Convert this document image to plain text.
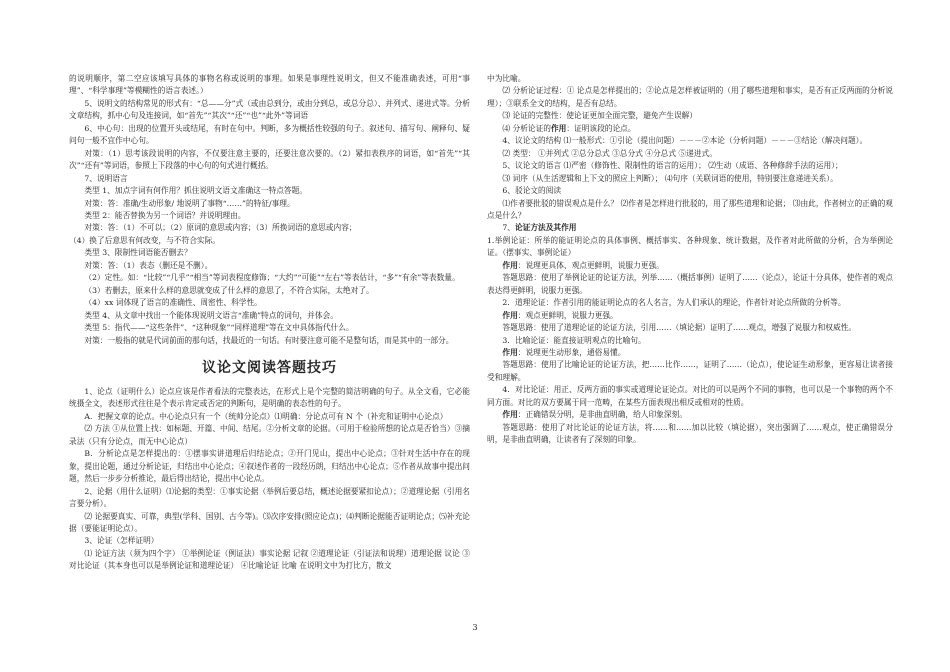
的说明顺序，第二空应该填写具体的事物名称或说明的事理。如果是事理性说明文，但又不能准确表述，可用“事理”、“科学事理”等模糊性的语言表述。）

5、说明文的结构常见的形式有：“总——分”式（或由总到分，或由分到总，或总分总）、并列式、递进式等。分析文章结构，抓中心句及连接词，如“首先”“其次”“还”“也”“此外”等词语

6、中心句：出现的位置开头或结尾，有时在句中。判断，多为概括性较强的句子。叙述句、描写句、阐释句、疑问句一般不宜作中心句。

对策：（1）思考该段说明的内容，不仅要注意主要的，还要注意次要的。（2）紧扣表秩序的词语，如“首先”“其次”“还有”等词语，参照上下段落的中心句的句式进行概括。

7、说明语言

类型 1、加点字词有何作用？抓住说明文语文准确这一特点答题。

对策：答：准确/生动形象/ 地说明了事物“……”的特征/事理。

类型 2：能否替换为另一个词语？并说明理由。

对策：答：（1）不可以；（2）原词的意思或内容；（3）所换词语的意思或内容；

（4）换了后意思有何改变，与不符合实际。

类型 3、限制性词语能否删去？

对策：答：（1）表态（删还是不删）。

（2）定性。如：“比较”“几乎”“相当”等词表程度修饰；“大约”“可能”“左右”等表估计，“多”“有余”等表数量。

（3）若删去，原来什么样的意思就变成了什么样的意思了，不符合实际，太绝对了。

（4）xx 词体现了语言的准确性、周密性、科学性。

类型 4、从文章中找出一个能体现说明文语言“准确”特点的词句，并体会。

类型 5：指代——“这些条件”、“这种现象”“同样道理”等在文中具体指代什么。

对策：一般指的就是代词前面的那句话，找最近的一句话。有时要注意可能不是整句话，而是其中的一部分。

议论文阅读答题技巧

1、论点（证明什么）论点应该是作者看法的完整表达，在形式上是个完整的简洁明确的句子。从全文看，它必能统摄全文，表述形式往往是个表示肯定或否定的判断句，是明确的表态性的句子。

A．把握文章的论点。中心论点只有一个（统帅分论点）⑴明确：分论点可有 N 个（补充和证明中心论点）

⑵ 方法 ①从位置上找：如标题、开篇、中间、结尾。②分析文章的论据。（可用于检验所想的论点是否恰当）③摘录法（只有分论点，而无中心论点）

B．分析论点是怎样提出的：①摆事实讲道理后归结论点；②开门见山，提出中心论点；③针对生活中存在的现象，提出论题，通过分析论证，归结出中心论点；④叙述作者的一段经历朗，归结出中心论点；⑤作者从故事中提出问题，然后一步步分析推论，最后得出结论，提出中心论点。

2、论据（用什么证明）⑴论据的类型：①事实论据（举例后要总结，概述论据要紧扣论点）；②道理论据（引用名言要分析）。

⑵ 论据要真实、可靠，典型(学科、国别、古今等)。⑶次序安排(照应论点)；⑷判断论据能否证明论点；⑸补充论据（要能证明论点）。

3、论证（怎样证明）

⑴ 论证方法（须为四个字） ①举例论证（例证法）事实论据 记叙 ②道理论证（引证法和说理）道理论据 议论 ③对比论证（其本身也可以是举例论证和道理论证） ④比喻论证 比喻 在说明文中为打比方，散文

中为比喻。

⑵ 分析论证过程：① 论点是怎样提出的；②论点是怎样被证明的（用了哪些道理和事实，是否有正反两面的分析说理）；③联系全文的结构，是否有总结。

⑶ 论证的完整性：使论证更加全面完整，避免产生误解）

⑷ 分析论证的作用：证明该段的论点。

4、议论文的结构 ⑴一般形式：①引论（提出问题）－－－②本论（分析问题）－－－③结论（解决问题）。

⑵ 类型： ①并列式 ②总分总式 ③总分式 ④分总式 ⑤递进式。

5、议论文的语言 ⑴严密（修饰性、限制性的语言的运用）； ⑵生动（成语、各种修辞手法的运用）；

⑶ 词序（从生活逻辑和上下文的照应上判断）； ⑷句序（关联词语的使用，特别要注意递进关系）。

6、驳论文的阅读

⑴作者要批驳的错误观点是什么？ ⑵作者是怎样进行批驳的，用了那些道理和论据； ⑶由此，作者树立的正确的观点是什么？

7、论证方法及其作用

1.举例论证：所举的能证明论点的具体事例、概括事实、各种现象、统计数据，及作者对此所做的分析，合为举例论证。（摆事实、事例论证）

作用：说理更具体、观点更鲜明，说服力更强。

答题思路：使用了举例论证的论证方法，列举……（概括事例）证明了……（论点），论证十分具体，使作者的观点表达得更鲜明，说服力更强。

2．道理论证：作者引用的能证明论点的名人名言，为人们承认的理论，作者针对论点所做的分析等。

作用：观点更鲜明，说服力更强。

答题思路：使用了道理论证的论证方法，引用……（填论据）证明了……观点，增强了说服力和权威性。

3．比喻论证：能直接证明观点的比喻句。

作用：说理更生动形象，通俗易懂。

答题思路：使用了比喻论证的论证方法，把……比作……，证明了……（论点），使论证生动形象，更容易让读者接受和理解。

4．对比论证：用正、反两方面的事实或道理论证论点。对比的可以是两个不同的事物，也可以是一个事物的两个不同方面。对比的双方要属于同一范畴，在某些方面表现出相反或相对的性质。

作用：正确错误分明，是非曲直明确，给人印象深刻。

答题思路：使用了对比论证的论证方法，将……和……加以比较（填论据），突出强调了……观点，使正确错误分明，是非曲直明确，让读者有了深刻的印象。

3
